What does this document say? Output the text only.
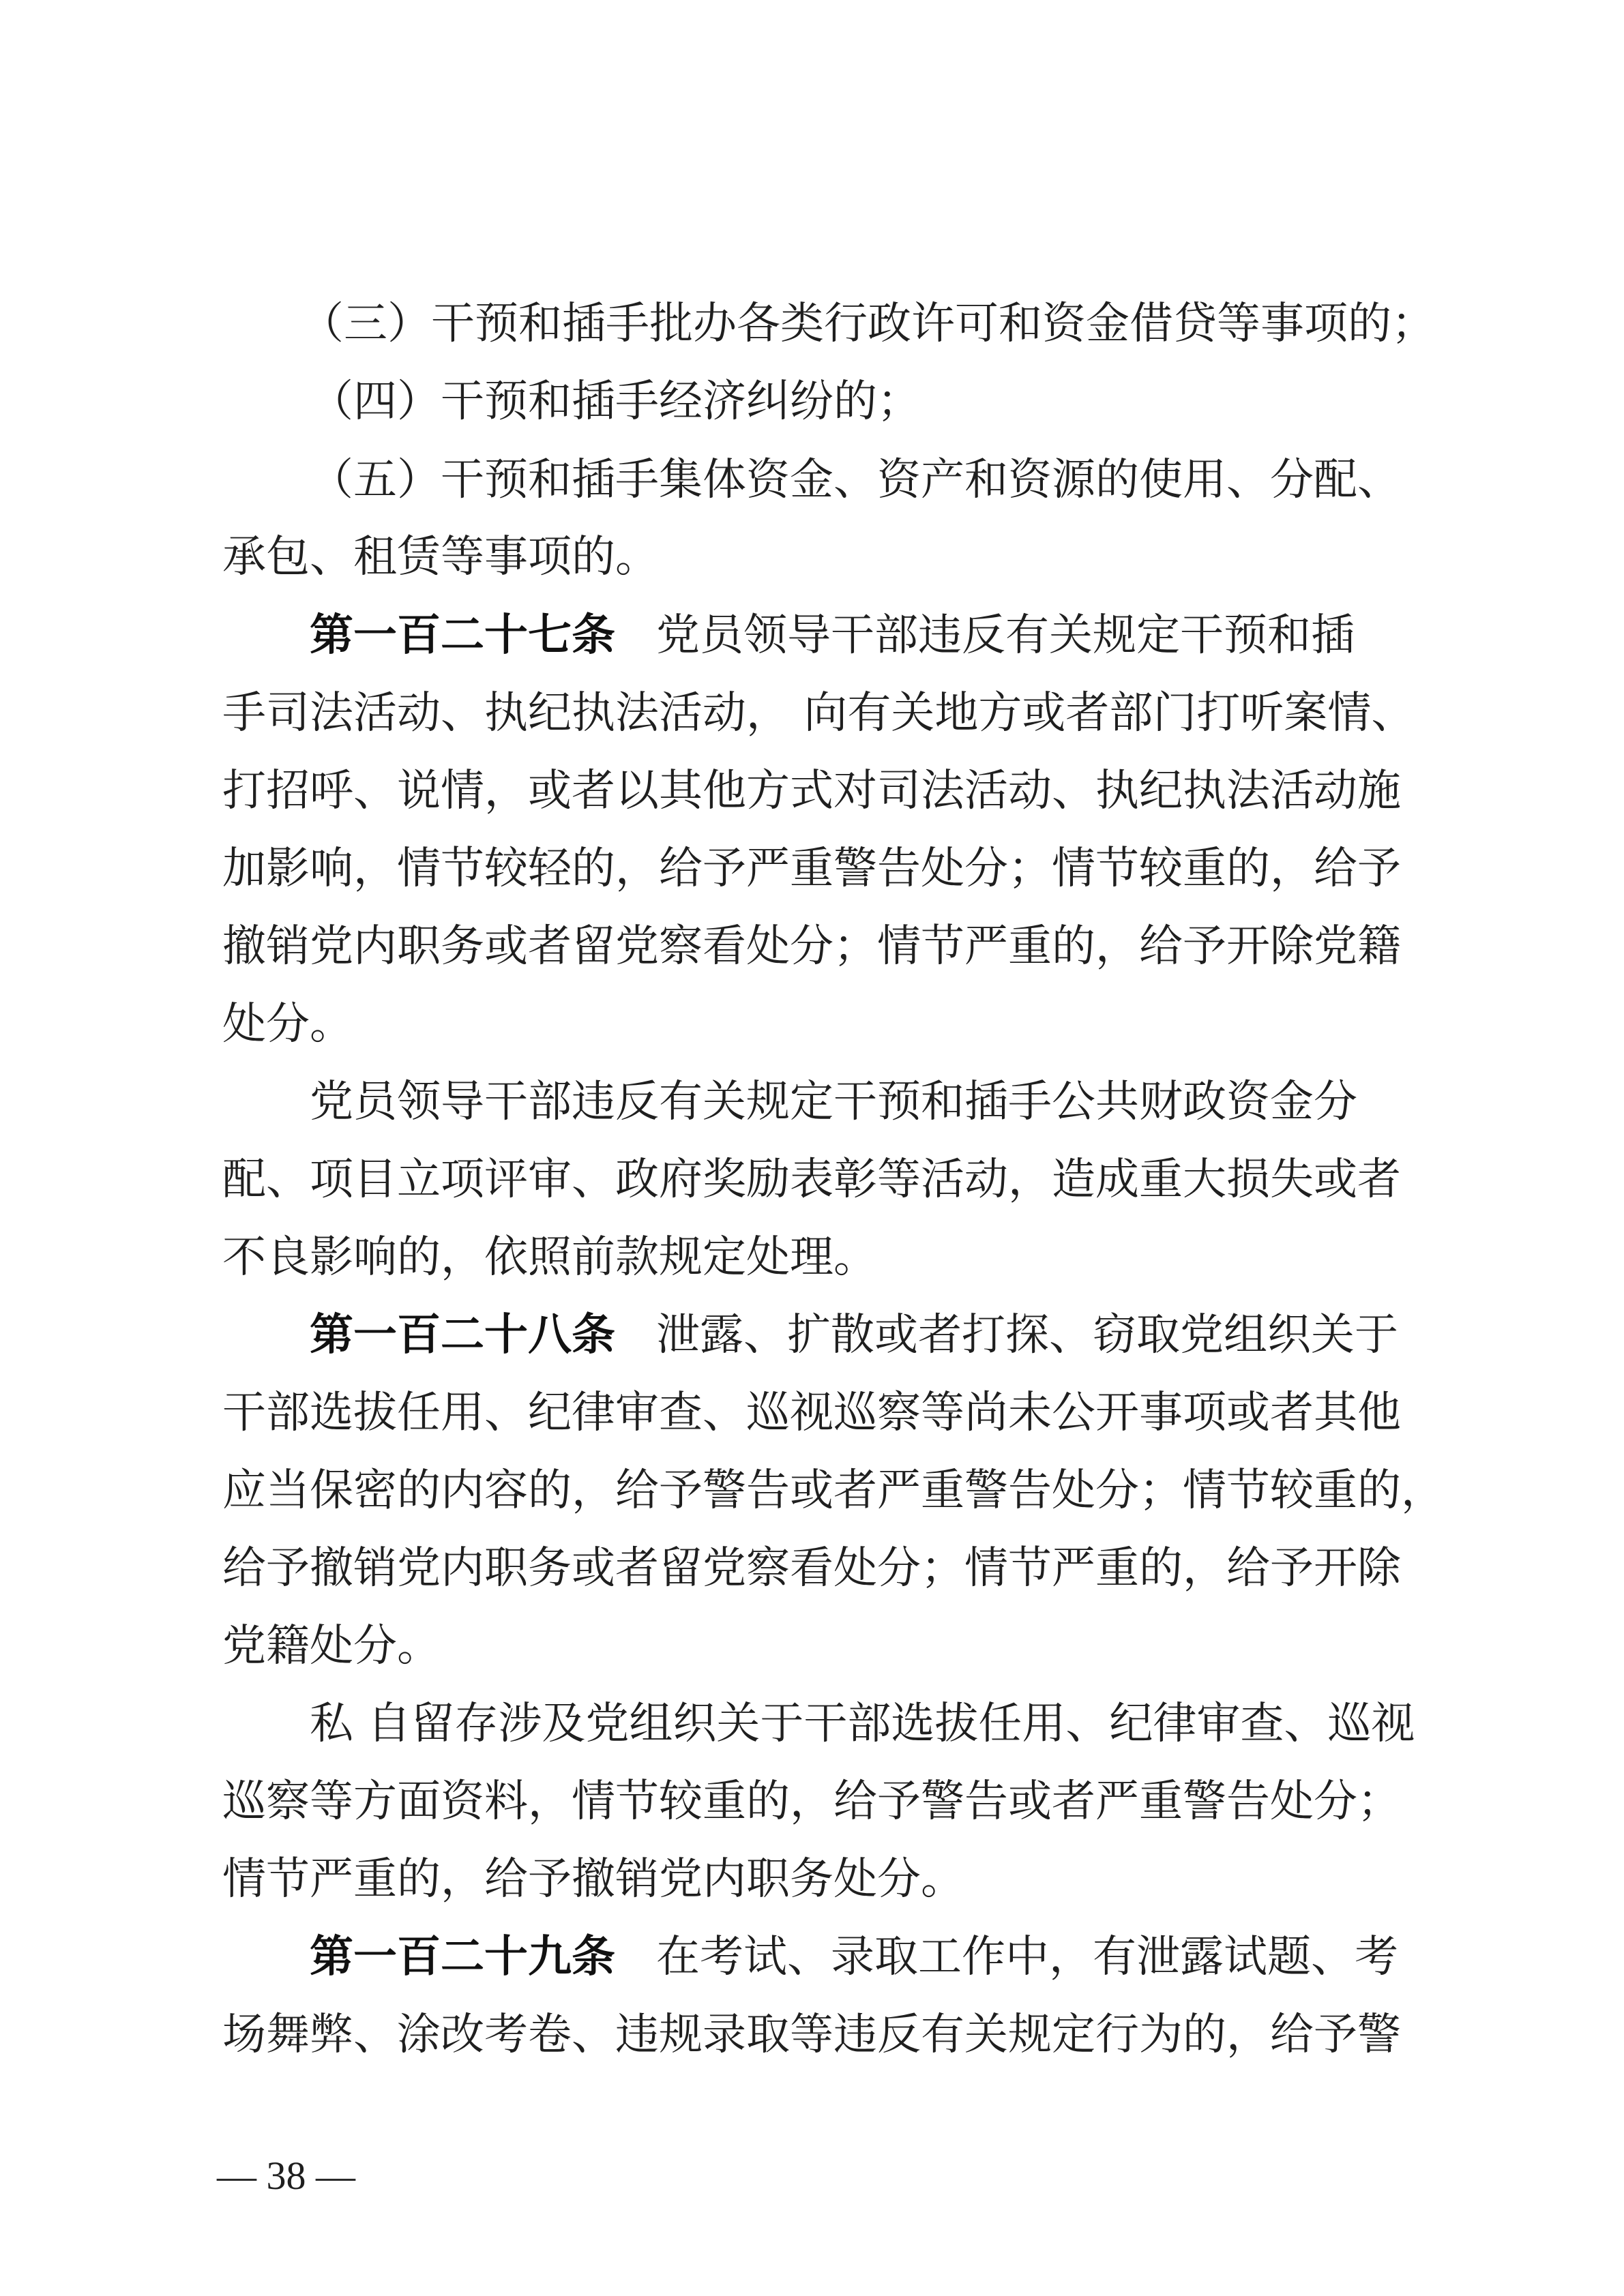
（三）干预和插手批办各类行政许可和资金借贷等事项的；
（四）干预和插手经济纠纷的；
（五）干预和插手集体资金、资产和资源的使用、分配、
承包、租赁等事项的。
第一百二十七条 党员领导干部违反有关规定干预和插
手司法活动、执纪执法活动， 向有关地方或者部门打听案情、
打招呼、说情，或者以其他方式对司法活动、执纪执法活动施
加影响，情节较轻的，给予严重警告处分；情节较重的，给予
撤销党内职务或者留党察看处分；情节严重的，给予开除党籍
处分。
党员领导干部违反有关规定干预和插手公共财政资金分
配、项目立项评审、政府奖励表彰等活动，造成重大损失或者
不良影响的，依照前款规定处理。
第一百二十八条 泄露、扩散或者打探、窃取党组织关于
干部选拔任用、纪律审查、巡视巡察等尚未公开事项或者其他
应当保密的内容的，给予警告或者严重警告处分；情节较重的，
给予撤销党内职务或者留党察看处分；情节严重的，给予开除
党籍处分。
私 自留存涉及党组织关于干部选拔任用、纪律审查、巡视
巡察等方面资料，情节较重的，给予警告或者严重警告处分；
情节严重的，给予撤销党内职务处分。
第一百二十九条 在考试、录取工作中，有泄露试题、考
场舞弊、涂改考卷、违规录取等违反有关规定行为的，给予警
— 38 —
